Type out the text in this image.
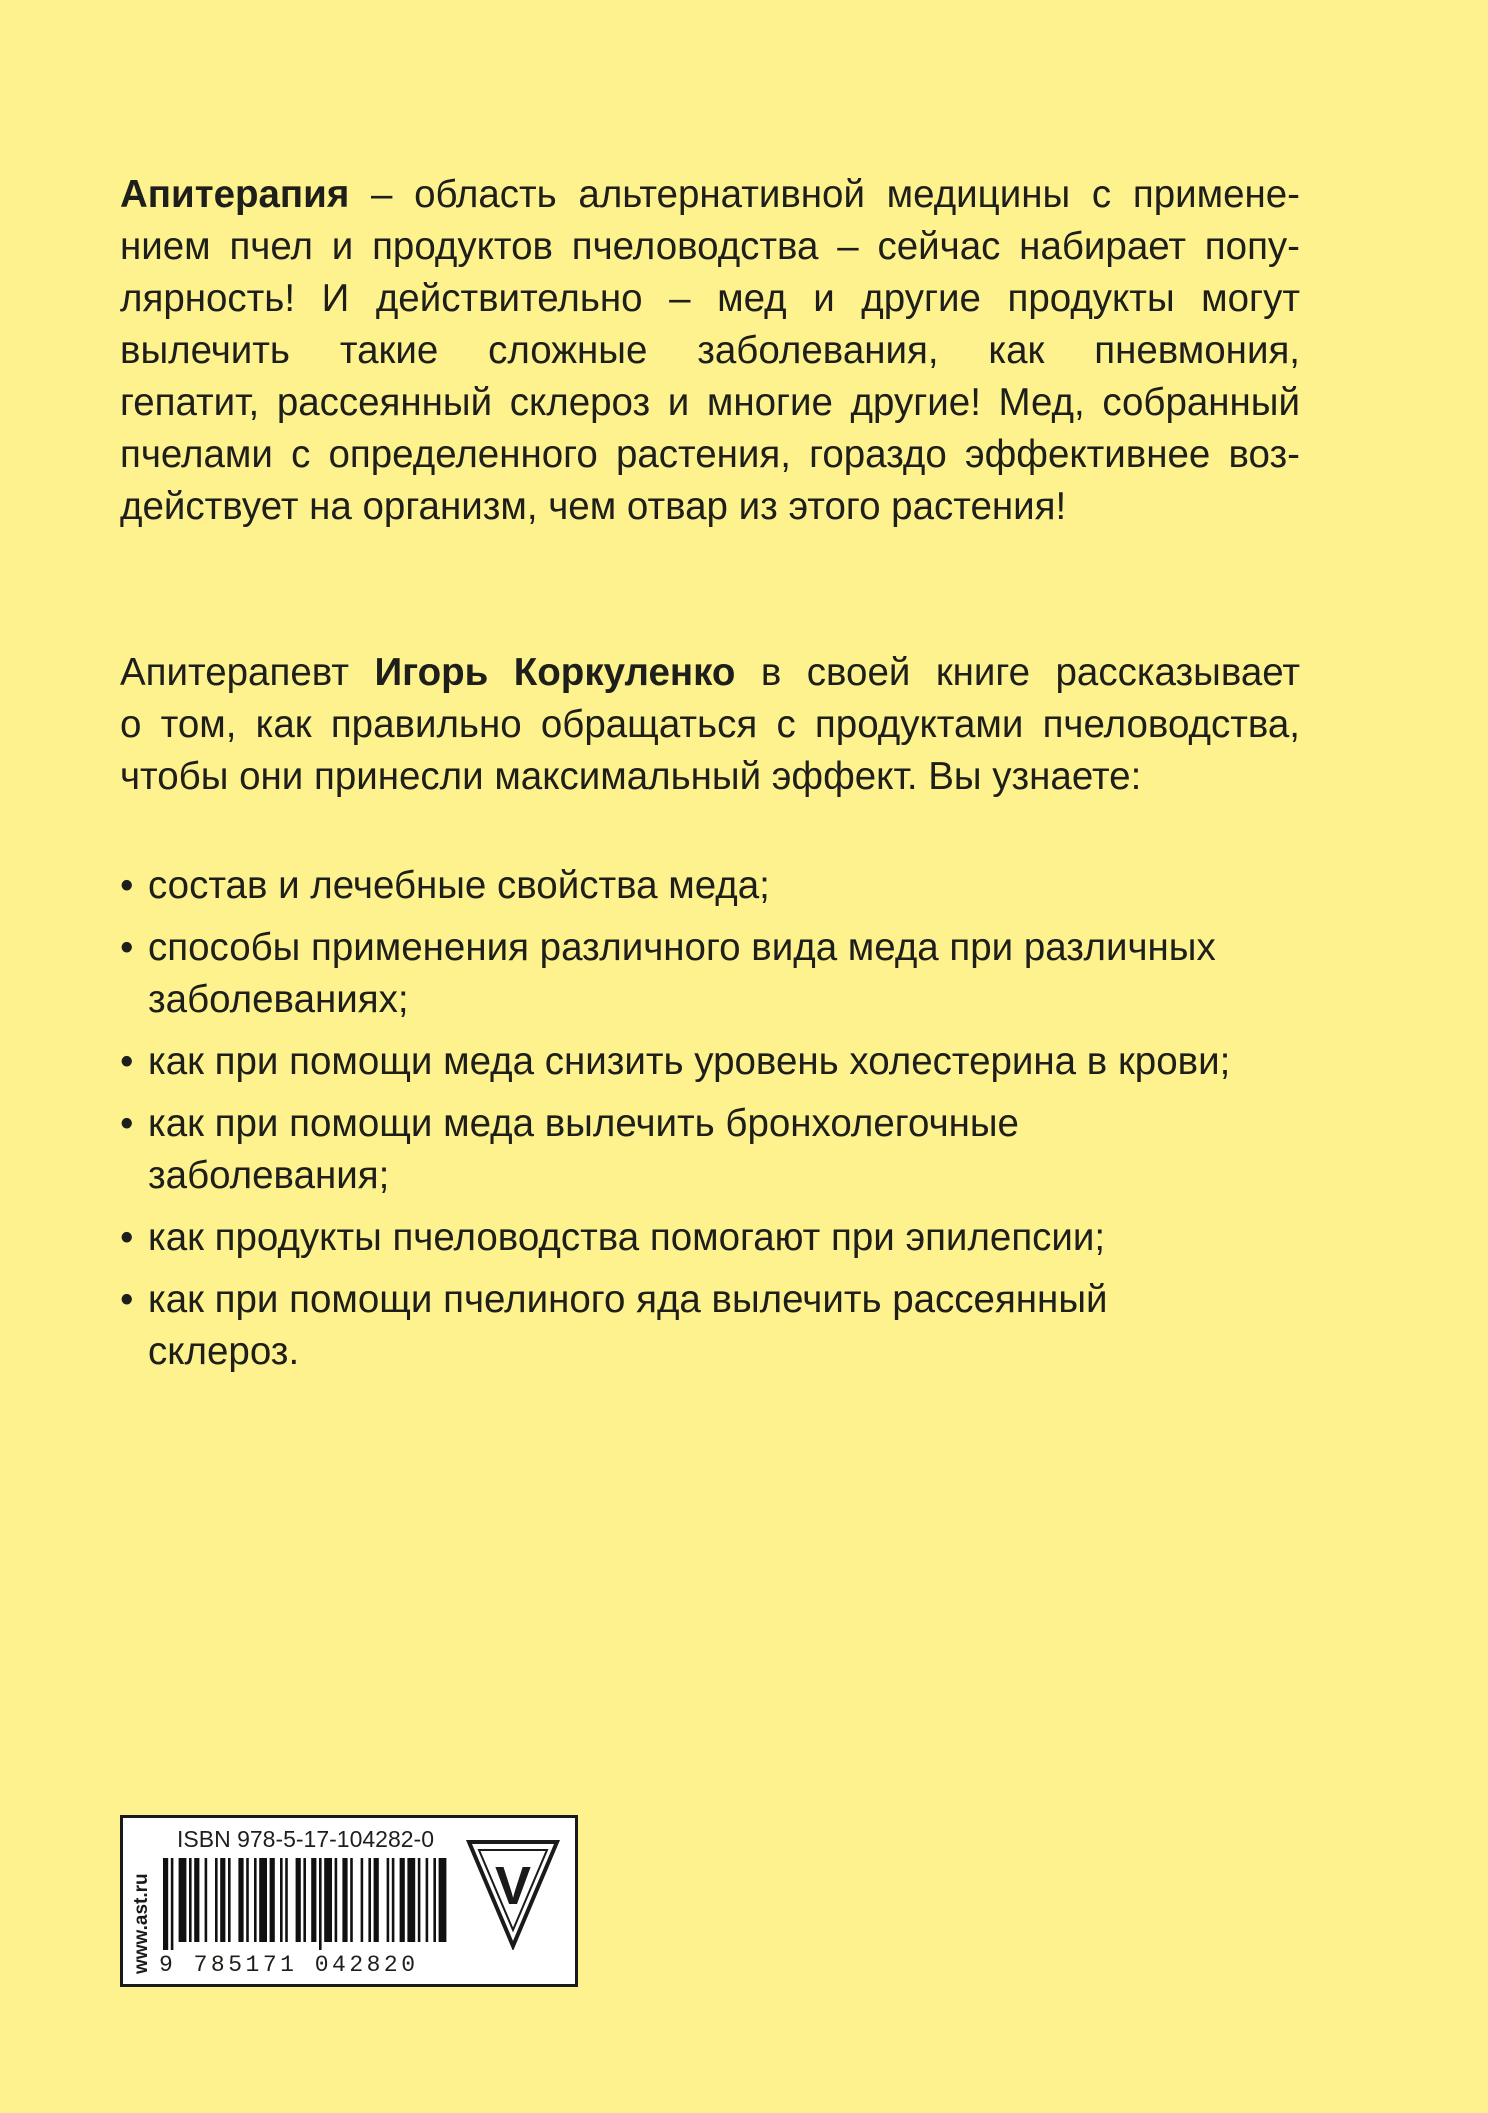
Апитерапия – область альтернативной медицины с примене-
нием пчел и продуктов пчеловодства – сейчас набирает попу-
лярность! И действительно – мед и другие продукты могут
вылечить такие сложные заболевания, как пневмония,
гепатит, рассеянный склероз и многие другие! Мед, собранный
пчелами с определенного растения, гораздо эффективнее воз-
действует на организм, чем отвар из этого растения!
Апитерапевт Игорь Коркуленко в своей книге рассказывает
о том, как правильно обращаться с продуктами пчеловодства,
чтобы они принесли максимальный эффект. Вы узнаете:
• состав и лечебные свойства меда;
• способы применения различного вида меда при различных
заболеваниях;
• как при помощи меда снизить уровень холестерина в крови;
• как при помощи меда вылечить бронхолегочные
заболевания;
• как продукты пчеловодства помогают при эпилепсии;
• как при помощи пчелиного яда вылечить рассеянный
склероз.
www.ast.ru
ISBN 978-5-17-104282-0
9 785171 042820
V
